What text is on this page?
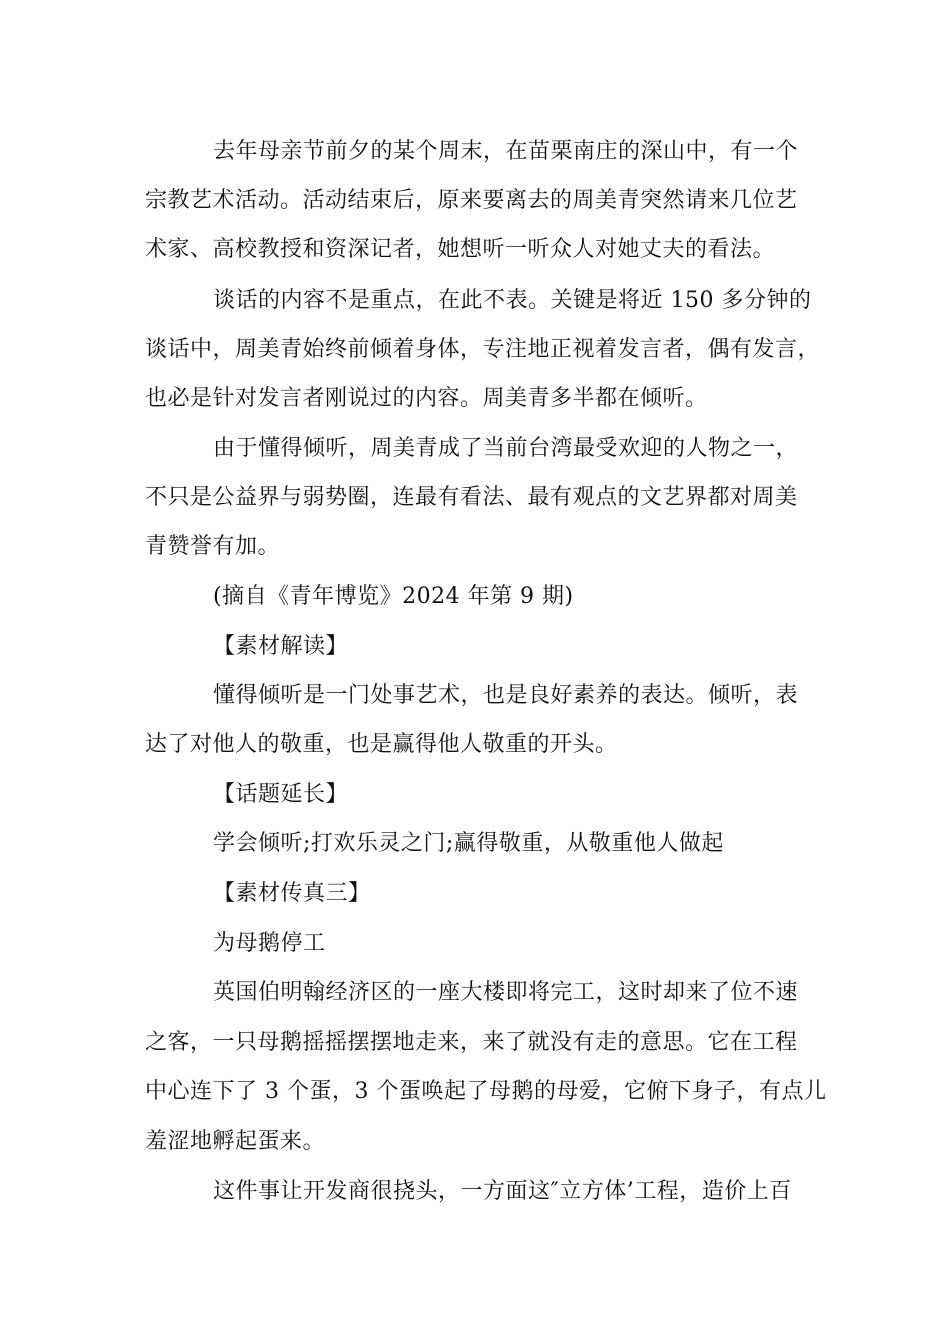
去年母亲节前夕的某个周末，在苗栗南庄的深山中，有一个
宗教艺术活动。活动结束后，原来要离去的周美青突然请来几位艺
术家、高校教授和资深记者，她想听一听众人对她丈夫的看法。
谈话的内容不是重点，在此不表。关键是将近 150 多分钟的
谈话中，周美青始终前倾着身体，专注地正视着发言者，偶有发言，
也必是针对发言者刚说过的内容。周美青多半都在倾听。
由于懂得倾听，周美青成了当前台湾最受欢迎的人物之一，
不只是公益界与弱势圈，连最有看法、最有观点的文艺界都对周美
青赞誉有加。
(摘自《青年博览》2024 年第 9 期)
【素材解读】
懂得倾听是一门处事艺术，也是良好素养的表达。倾听，表
达了对他人的敬重，也是赢得他人敬重的开头。
【话题延长】
学会倾听;打欢乐灵之门;赢得敬重，从敬重他人做起
【素材传真三】
为母鹅停工
英国伯明翰经济区的一座大楼即将完工，这时却来了位不速
之客，一只母鹅摇摇摆摆地走来，来了就没有走的意思。它在工程
中心连下了 3 个蛋，3 个蛋唤起了母鹅的母爱，它俯下身子，有点儿
羞涩地孵起蛋来。
这件事让开发商很挠头，一方面这″立方体’工程，造价上百
